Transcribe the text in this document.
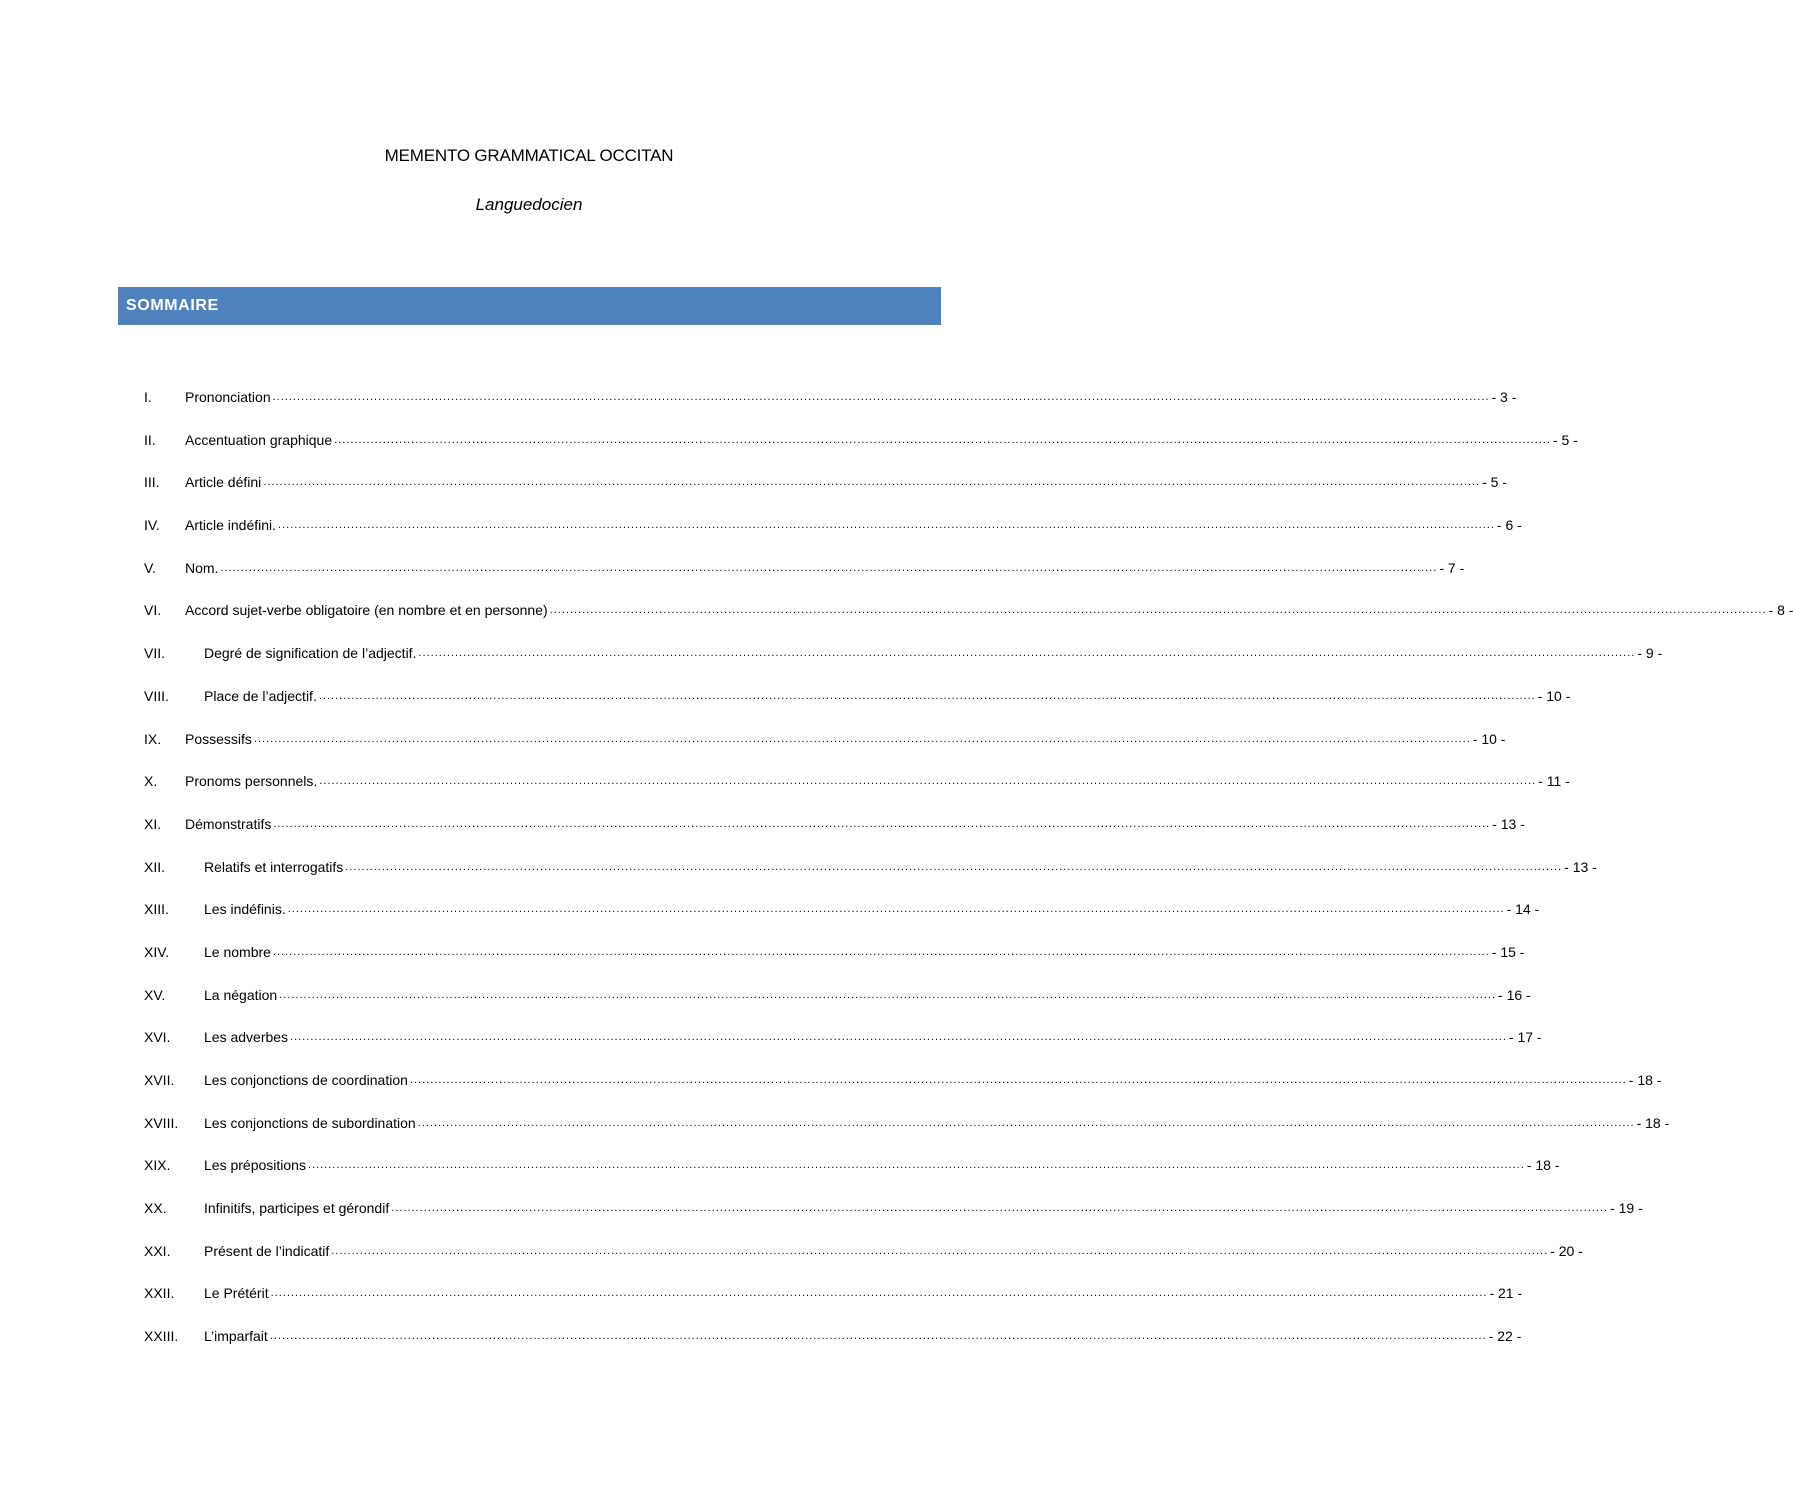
MEMENTO GRAMMATICAL OCCITAN
Languedocien
SOMMAIRE
I.	Prononciation ............................................................................................................................................................................................................................................................................................................ - 3 -
II.	Accentuation graphique ............................................................................................................................................................................................................................................................................................................ - 5 -
III.	Article défini ............................................................................................................................................................................................................................................................................................................ - 5 -
IV.	Article indéfini. ............................................................................................................................................................................................................................................................................................................ - 6 -
V.	Nom. ............................................................................................................................................................................................................................................................................................................ - 7 -
VI.	Accord sujet-verbe obligatoire (en nombre et en personne) ............................................................................................................................................................................................................................................................................................................ - 8 -
VII.	Degré de signification de l’adjectif. ............................................................................................................................................................................................................................................................................................................ - 9 -
VIII.	Place de l’adjectif. ............................................................................................................................................................................................................................................................................................................ - 10 -
IX.	Possessifs ............................................................................................................................................................................................................................................................................................................ - 10 -
X.	Pronoms personnels. ............................................................................................................................................................................................................................................................................................................ - 11 -
XI.	Démonstratifs ............................................................................................................................................................................................................................................................................................................ - 13 -
XII.	Relatifs et interrogatifs ............................................................................................................................................................................................................................................................................................................ - 13 -
XIII.	Les indéfinis. ............................................................................................................................................................................................................................................................................................................ - 14 -
XIV.	Le nombre ............................................................................................................................................................................................................................................................................................................ - 15 -
XV.	La négation ............................................................................................................................................................................................................................................................................................................ - 16 -
XVI.	Les adverbes ............................................................................................................................................................................................................................................................................................................ - 17 -
XVII.	Les conjonctions de coordination ............................................................................................................................................................................................................................................................................................................ - 18 -
XVIII.	Les conjonctions de subordination ............................................................................................................................................................................................................................................................................................................ - 18 -
XIX.	Les prépositions ............................................................................................................................................................................................................................................................................................................ - 18 -
XX.	Infinitifs, participes et gérondif ............................................................................................................................................................................................................................................................................................................ - 19 -
XXI.	Présent de l’indicatif ............................................................................................................................................................................................................................................................................................................ - 20 -
XXII.	Le Prétérit ............................................................................................................................................................................................................................................................................................................ - 21 -
XXIII.	L’imparfait ............................................................................................................................................................................................................................................................................................................ - 22 -
